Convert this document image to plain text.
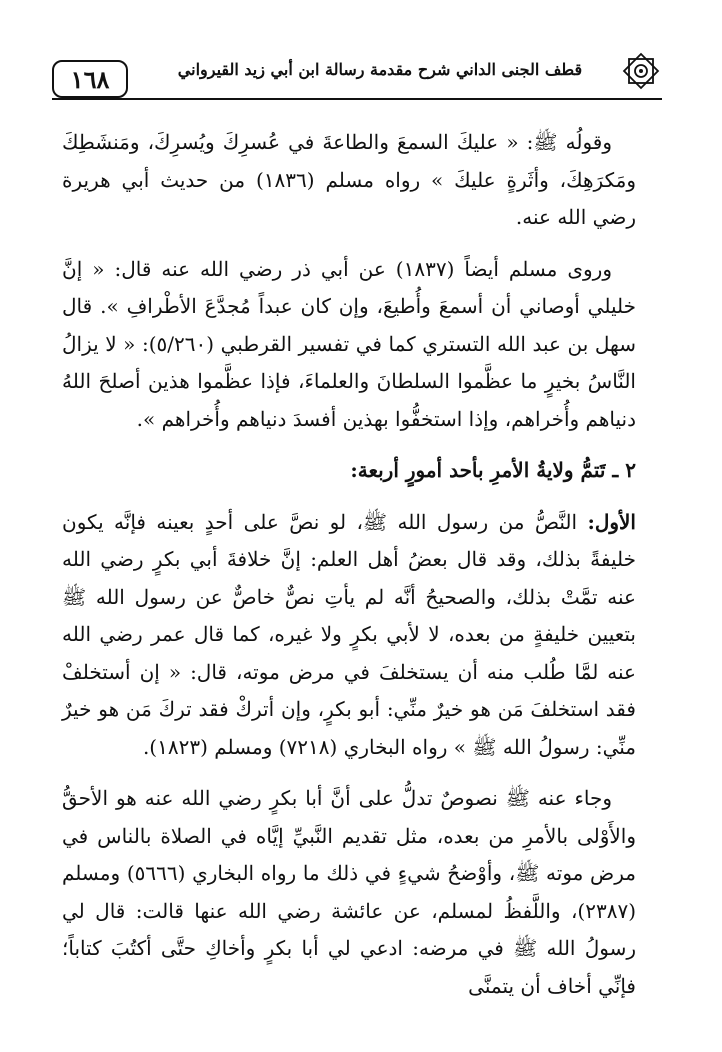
١٦٨	قطف الجنى الداني شرح مقدمة رسالة ابن أبي زيد القيرواني

وقولُه ﷺ: « عليكَ السمعَ والطاعةَ في عُسرِكَ ويُسرِكَ، ومَنشَطِكَ ومَكرَهِكَ، وأثَرةٍ عليكَ » رواه مسلم (١٨٣٦) من حديث أبي هريرة رضي الله عنه.

وروى مسلم أيضاً (١٨٣٧) عن أبي ذر رضي الله عنه قال: « إنَّ خليلي أوصاني أن أسمعَ وأُطيعَ، وإن كان عبداً مُجدَّعَ الأطْرافِ ». قال سهل بن عبد الله التستري كما في تفسير القرطبي (٥/٢٦٠): « لا يزالُ النَّاسُ بخيرٍ ما عظَّموا السلطانَ والعلماءَ، فإذا عظَّموا هذين أصلحَ اللهُ دنياهم وأُخراهم، وإذا استخفُّوا بهذين أفسدَ دنياهم وأُخراهم ».

٢ ـ تَتمُّ ولايةُ الأمرِ بأحد أمورٍ أربعة:

الأول: النَّصُّ من رسول الله ﷺ، لو نصَّ على أحدٍ بعينه فإنَّه يكون خليفةً بذلك، وقد قال بعضُ أهل العلم: إنَّ خلافةَ أبي بكرٍ رضي الله عنه تمَّتْ بذلك، والصحيحُ أنَّه لم يأتِ نصٌّ خاصٌّ عن رسول الله ﷺ بتعيين خليفةٍ من بعده، لا لأبي بكرٍ ولا غيره، كما قال عمر رضي الله عنه لمَّا طُلب منه أن يستخلفَ في مرض موته، قال: « إن أستخلفْ فقد استخلفَ مَن هو خيرٌ منِّي: أبو بكرٍ، وإن أتركْ فقد تركَ مَن هو خيرٌ منِّي: رسولُ الله ﷺ » رواه البخاري (٧٢١٨) ومسلم (١٨٢٣).

وجاء عنه ﷺ نصوصٌ تدلُّ على أنَّ أبا بكرٍ رضي الله عنه هو الأحقُّ والأَوْلى بالأمرِ من بعده، مثل تقديم النَّبيِّ إيَّاه في الصلاة بالناس في مرض موته ﷺ، وأوْضحُ شيءٍ في ذلك ما رواه البخاري (٥٦٦٦) ومسلم (٢٣٨٧)، واللَّفظُ لمسلم، عن عائشة رضي الله عنها قالت: قال لي رسولُ الله ﷺ في مرضه: ادعي لي أبا بكرٍ وأخاكِ حتَّى أكتُبَ كتاباً؛ فإنِّي أخاف أن يتمنَّى
